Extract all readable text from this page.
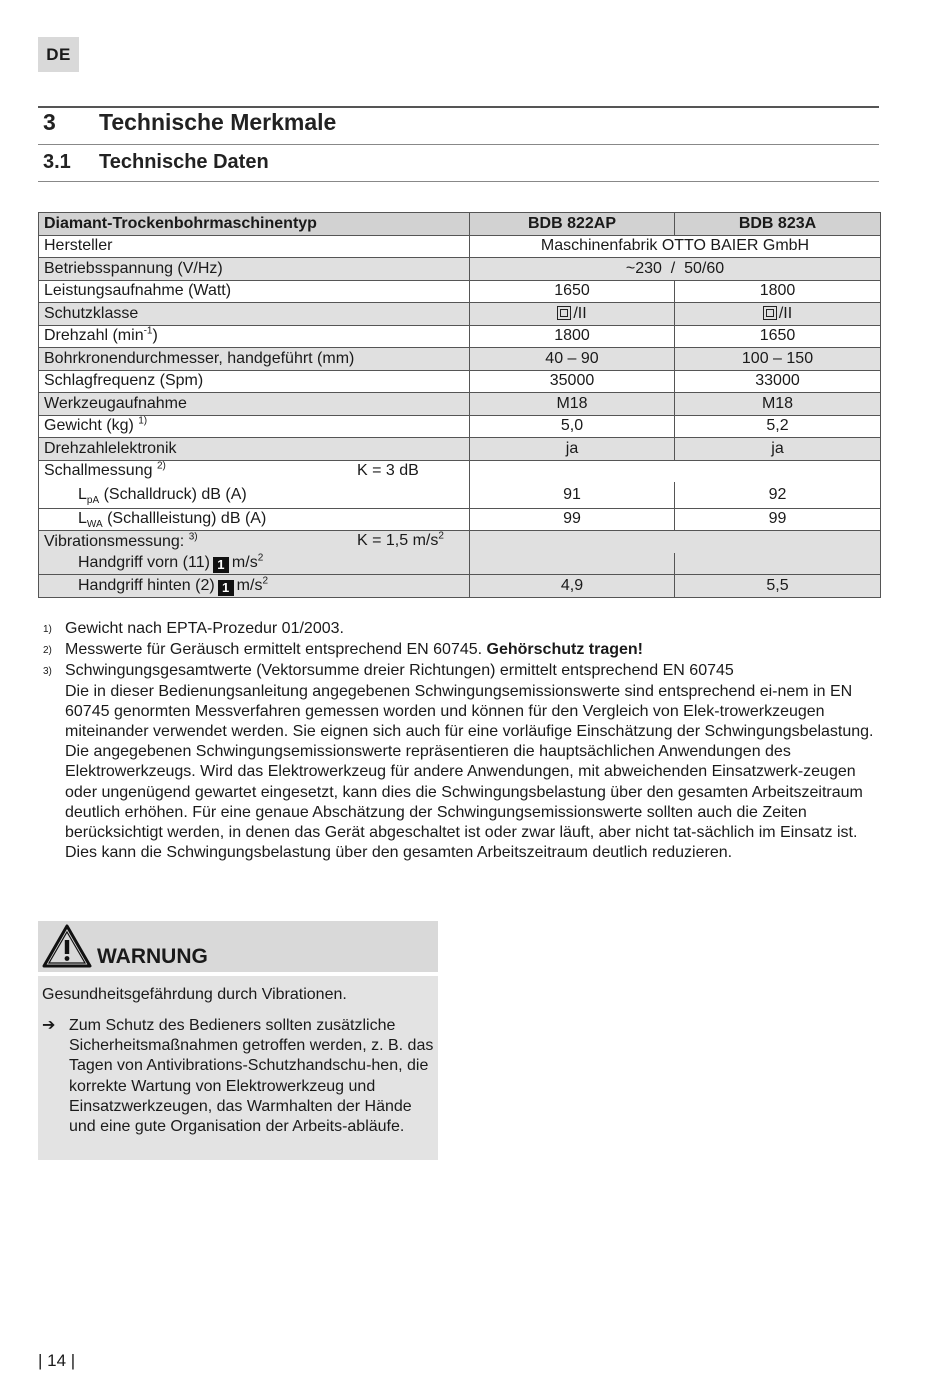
DE
3	Technische Merkmale
3.1	Technische Daten
Diamant-Trockenbohrmaschinentyp	BDB 822AP	BDB 823A
Hersteller	Maschinenfabrik OTTO BAIER GmbH	
Betriebsspannung (V/Hz)	~230  /  50/60	
Leistungsaufnahme (Watt)	1650	1800
Schutzklasse	/II	/II
Drehzahl $(\min^{-1})$	1800	1650
Bohrkronendurchmesser, handgeführt (mm)	40 – 90	100 – 150
Schlagfrequenz (Spm)	35000	33000
Werkzeugaufnahme	M18	M18
Gewicht (kg) $^{1)}$	5,0	5,2
Drehzahlelektronik	ja	ja
Schallmessung $^{2)}$ K = 3 dB		

$L_{pA}$ (Schalldruck) dB (A)	91	92
$L_{WA}$ (Schallleistung) dB (A)	99	99
Vibrationsmessung: $^{3)}$ K = 1,5 $m/s^2$

Handgriff vorn (11) 1 $m/s^2$		
Handgriff hinten (2) 1 $m/s^2$	4,9	5,5
1) Gewicht nach EPTA-Prozedur 01/2003.
2) Messwerte für Geräusch ermittelt entsprechend EN 60745. Gehörschutz tragen!
3) Schwingungsgesamtwerte (Vektorsumme dreier Richtungen) ermittelt entsprechend EN 60745

Die in dieser Bedienungsanleitung angegebenen Schwingungsemissionswerte sind entsprechend ei-nem in EN 60745 genormten Messverfahren gemessen worden und können für den Vergleich von Elek-trowerkzeugen miteinander verwendet werden. Sie eignen sich auch für eine vorläufige Einschätzung der Schwingungsbelastung.

Die angegebenen Schwingungsemissionswerte repräsentieren die hauptsächlichen Anwendungen des Elektrowerkzeugs. Wird das Elektrowerkzeug für andere Anwendungen, mit abweichenden Einsatzwerk-zeugen oder ungenügend gewartet eingesetzt, kann dies die Schwingungsbelastung über den gesamten Arbeitszeitraum deutlich erhöhen. Für eine genaue Abschätzung der Schwingungsemissionswerte sollten auch die Zeiten berücksichtigt werden, in denen das Gerät abgeschaltet ist oder zwar läuft, aber nicht tat-sächlich im Einsatz ist. Dies kann die Schwingungsbelastung über den gesamten Arbeitszeitraum deutlich reduzieren.

WARNUNG
Gesundheitsgefährdung durch Vibrationen.
➔ Zum Schutz des Bedieners sollten zusätzliche Sicherheitsmaßnahmen getroffen werden, z. B. das Tagen von Antivibrations-Schutzhandschu-hen, die korrekte Wartung von Elektrowerkzeug und Einsatzwerkzeugen, das Warmhalten der Hände und eine gute Organisation der Arbeits-abläufe.
| 14 |
